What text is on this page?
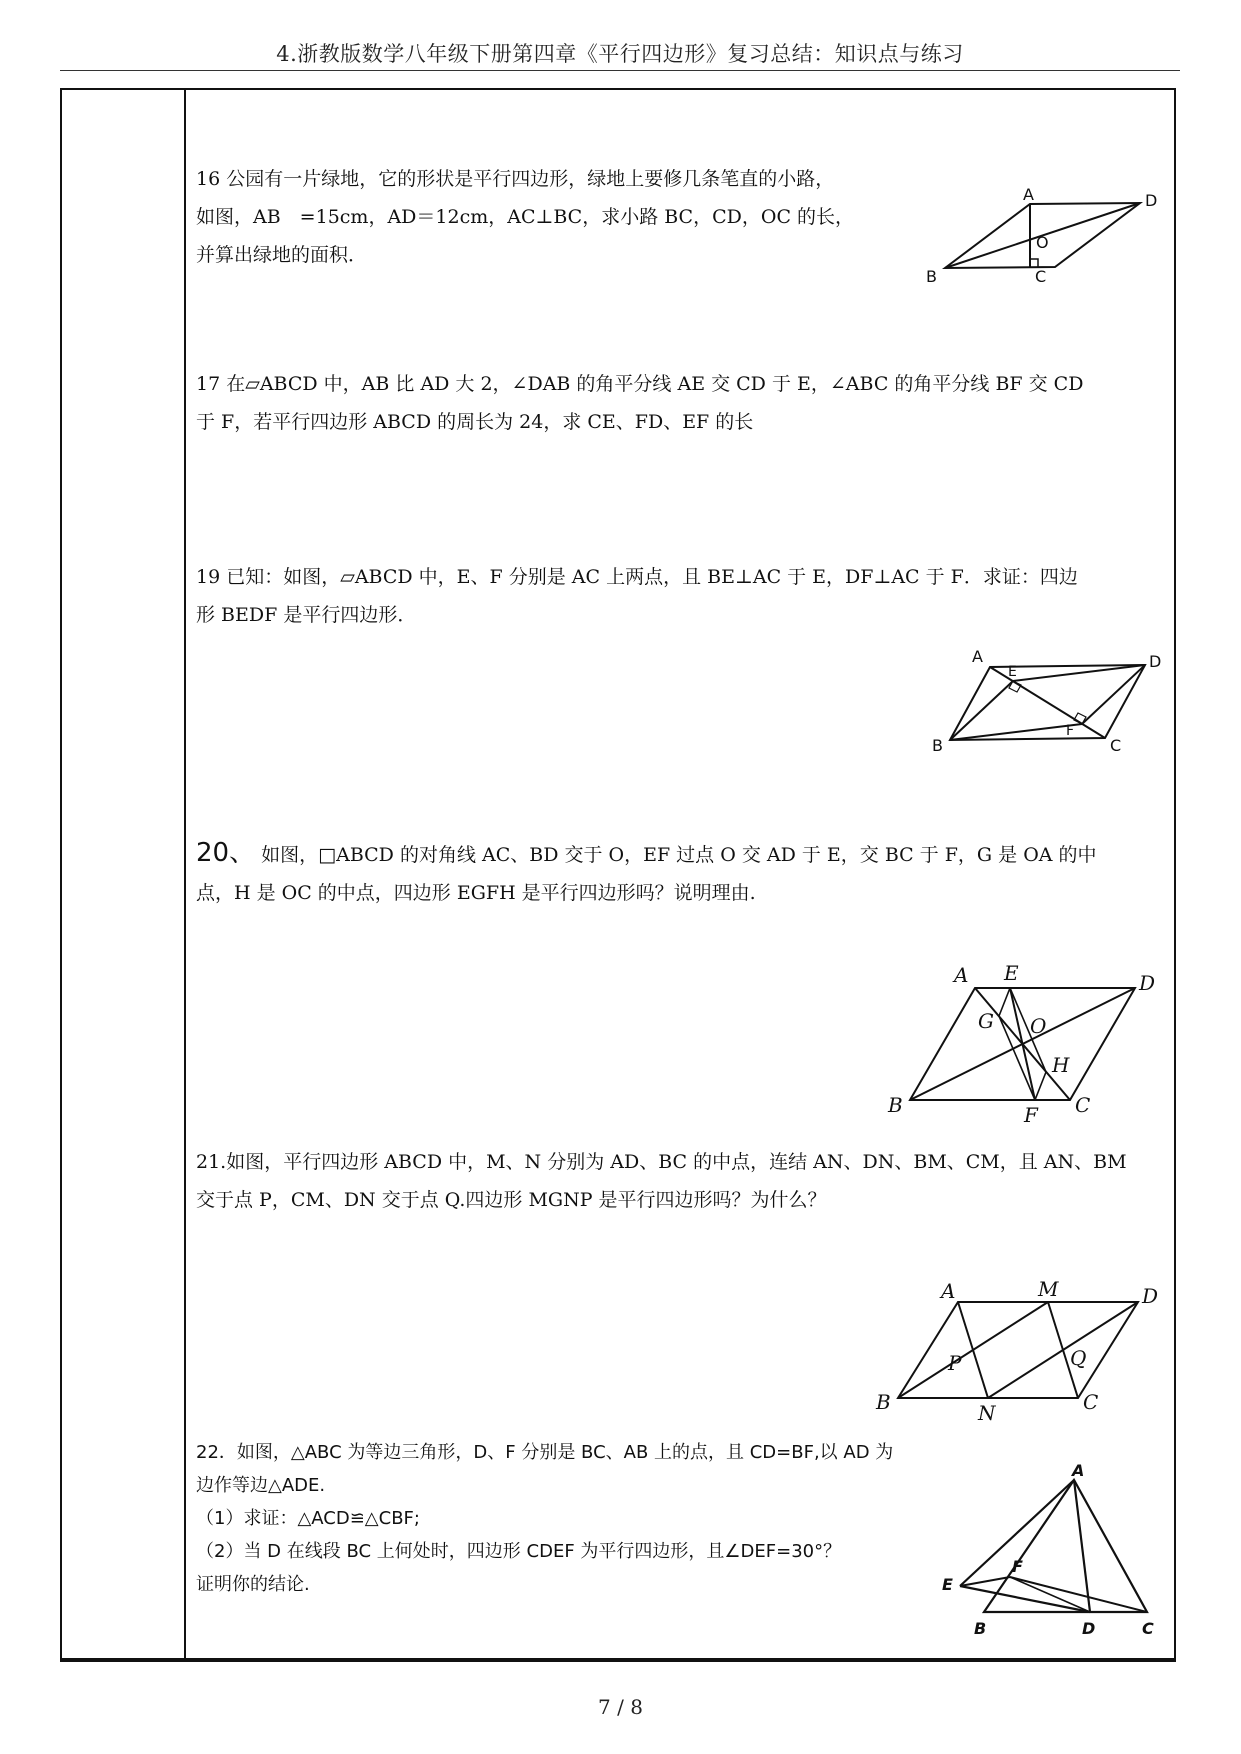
4.浙教版数学八年级下册第四章《平行四边形》复习总结：知识点与练习
16 公园有一片绿地，它的形状是平行四边形，绿地上要修几条笔直的小路，
如图，AB　=15cm，AD＝12cm，AC⊥BC，求小路 BC，CD，OC 的长，
并算出绿地的面积．
A
B	C
D
O
17 在▱ABCD 中，AB 比 AD 大 2，∠DAB 的角平分线 AE 交 CD 于 E，∠ABC 的角平分线 BF 交 CD
于 F，若平行四边形 ABCD 的周长为 24，求 CE、FD、EF 的长
19 已知：如图，▱ABCD 中，E、F 分别是 AC 上两点，且 BE⊥AC 于 E，DF⊥AC 于 F．求证：四边
形 BEDF 是平行四边形．
A
B	C
D
E
F
20、 如图，□ABCD 的对角线 AC、BD 交于 O，EF 过点 O 交 AD 于 E，交 BC 于 F，G 是 OA 的中
点，H 是 OC 的中点，四边形 EGFH 是平行四边形吗？说明理由.
A
B	C
D
E
F
G
H
O
21.如图，平行四边形 ABCD 中，M、N 分别为 AD、BC 的中点，连结 AN、DN、BM、CM，且 AN、BM
交于点 P，CM、DN 交于点 Q.四边形 MGNP 是平行四边形吗？为什么？
A
B	C
D
M
N
P	Q
22．如图，△ABC 为等边三角形，D、F 分别是 BC、AB 上的点，且 CD=BF,以 AD 为
边作等边△ADE.
（1）求证：△ACD≌△CBF;
（2）当 D 在线段 BC 上何处时，四边形 CDEF 为平行四边形，且∠DEF=30°？
证明你的结论.
A
B	C
D
E
F
7 / 8
